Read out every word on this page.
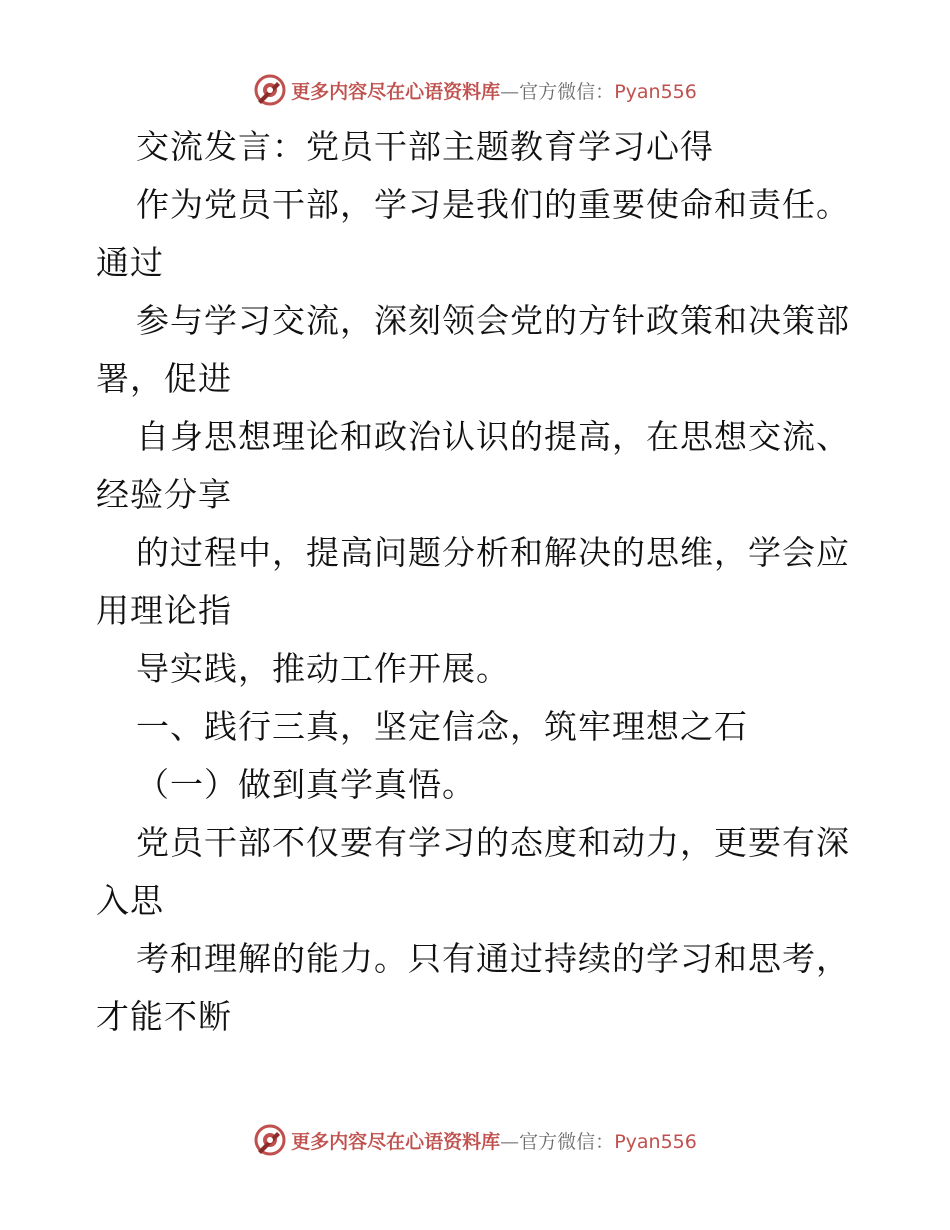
更多内容尽在心语资料库—官方微信：Pyan556
交流发言：党员干部主题教育学习心得
作为党员干部，学习是我们的重要使命和责任。
通过
参与学习交流，深刻领会党的方针政策和决策部
署，促进
自身思想理论和政治认识的提高，在思想交流、
经验分享
的过程中，提高问题分析和解决的思维，学会应
用理论指
导实践，推动工作开展。
一、践行三真，坚定信念，筑牢理想之石
（一）做到真学真悟。
党员干部不仅要有学习的态度和动力，更要有深
入思
考和理解的能力。只有通过持续的学习和思考，
才能不断
更多内容尽在心语资料库—官方微信：Pyan556
